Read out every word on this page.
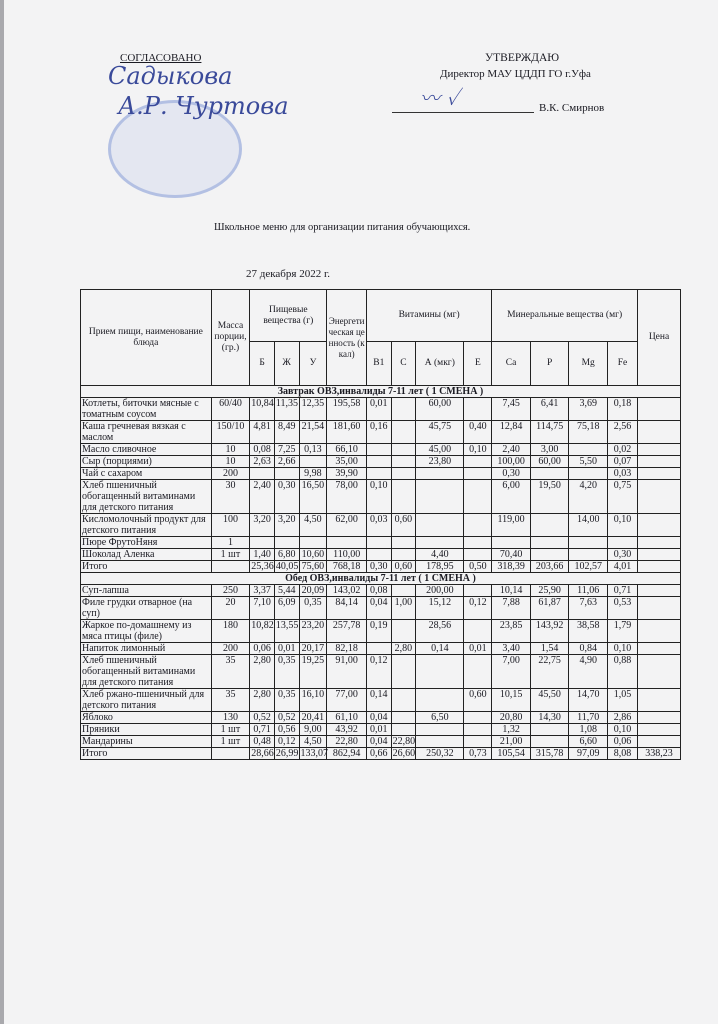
СОГЛАСОВАНО
Садыкова
А.Р. Чуртова
УТВЕРЖДАЮ
Директор МАУ ЦДДП ГО г.Уфа
〰 ✓	В.К. Смирнов
Школьное меню для организации питания обучающихся.
27 декабря 2022 г.
Прием пищи, наименование блюда	Масса порции, (гр.)	Пищевые вещества (г)			Энергетическая ценность (ккал)	Витамины (мг)				Минеральные вещества (мг)				Цена
		Б	Ж	У		B1	C	А (мкг)	Е	Ca	P	Mg	Fe	
Завтрак ОВЗ,инвалиды 7-11 лет ( 1 СМЕНА )														
Котлеты, биточки мясные с томатным соусом	60/40	10,84	11,35	12,35	195,58	0,01		60,00		7,45	6,41	3,69	0,18	
Каша гречневая вязкая с маслом	150/10	4,81	8,49	21,54	181,60	0,16		45,75	0,40	12,84	114,75	75,18	2,56	
Масло сливочное	10	0,08	7,25	0,13	66,10			45,00	0,10	2,40	3,00		0,02	
Сыр (порциями)	10	2,63	2,66		35,00			23,80		100,00	60,00	5,50	0,07	
Чай с сахаром	200			9,98	39,90					0,30			0,03	
Хлеб пшеничный обогащенный витаминами для детского питания	30	2,40	0,30	16,50	78,00	0,10				6,00	19,50	4,20	0,75	
Кисломолочный продукт для детского питания	100	3,20	3,20	4,50	62,00	0,03	0,60			119,00		14,00	0,10	
Пюре ФрутоНяня	1													
Шоколад Аленка	1 шт	1,40	6,80	10,60	110,00			4,40		70,40			0,30	
Итого		25,36	40,05	75,60	768,18	0,30	0,60	178,95	0,50	318,39	203,66	102,57	4,01	
Обед ОВЗ,инвалиды 7-11 лет ( 1 СМЕНА )														
Суп-лапша	250	3,37	5,44	20,09	143,02	0,08		200,00		10,14	25,90	11,06	0,71	
Филе грудки отварное (на суп)	20	7,10	6,09	0,35	84,14	0,04	1,00	15,12	0,12	7,88	61,87	7,63	0,53	
Жаркое по-домашнему из мяса птицы (филе)	180	10,82	13,55	23,20	257,78	0,19		28,56		23,85	143,92	38,58	1,79	
Напиток лимонный	200	0,06	0,01	20,17	82,18		2,80	0,14	0,01	3,40	1,54	0,84	0,10	
Хлеб пшеничный обогащенный витаминами для детского питания	35	2,80	0,35	19,25	91,00	0,12				7,00	22,75	4,90	0,88	
Хлеб ржано-пшеничный для детского питания	35	2,80	0,35	16,10	77,00	0,14			0,60	10,15	45,50	14,70	1,05	
Яблоко	130	0,52	0,52	20,41	61,10	0,04		6,50		20,80	14,30	11,70	2,86	
Пряники	1 шт	0,71	0,56	9,00	43,92	0,01				1,32		1,08	0,10	
Мандарины	1 шт	0,48	0,12	4,50	22,80	0,04	22,80			21,00		6,60	0,06	
Итого		28,66	26,99	133,07	862,94	0,66	26,60	250,32	0,73	105,54	315,78	97,09	8,08	338,23
